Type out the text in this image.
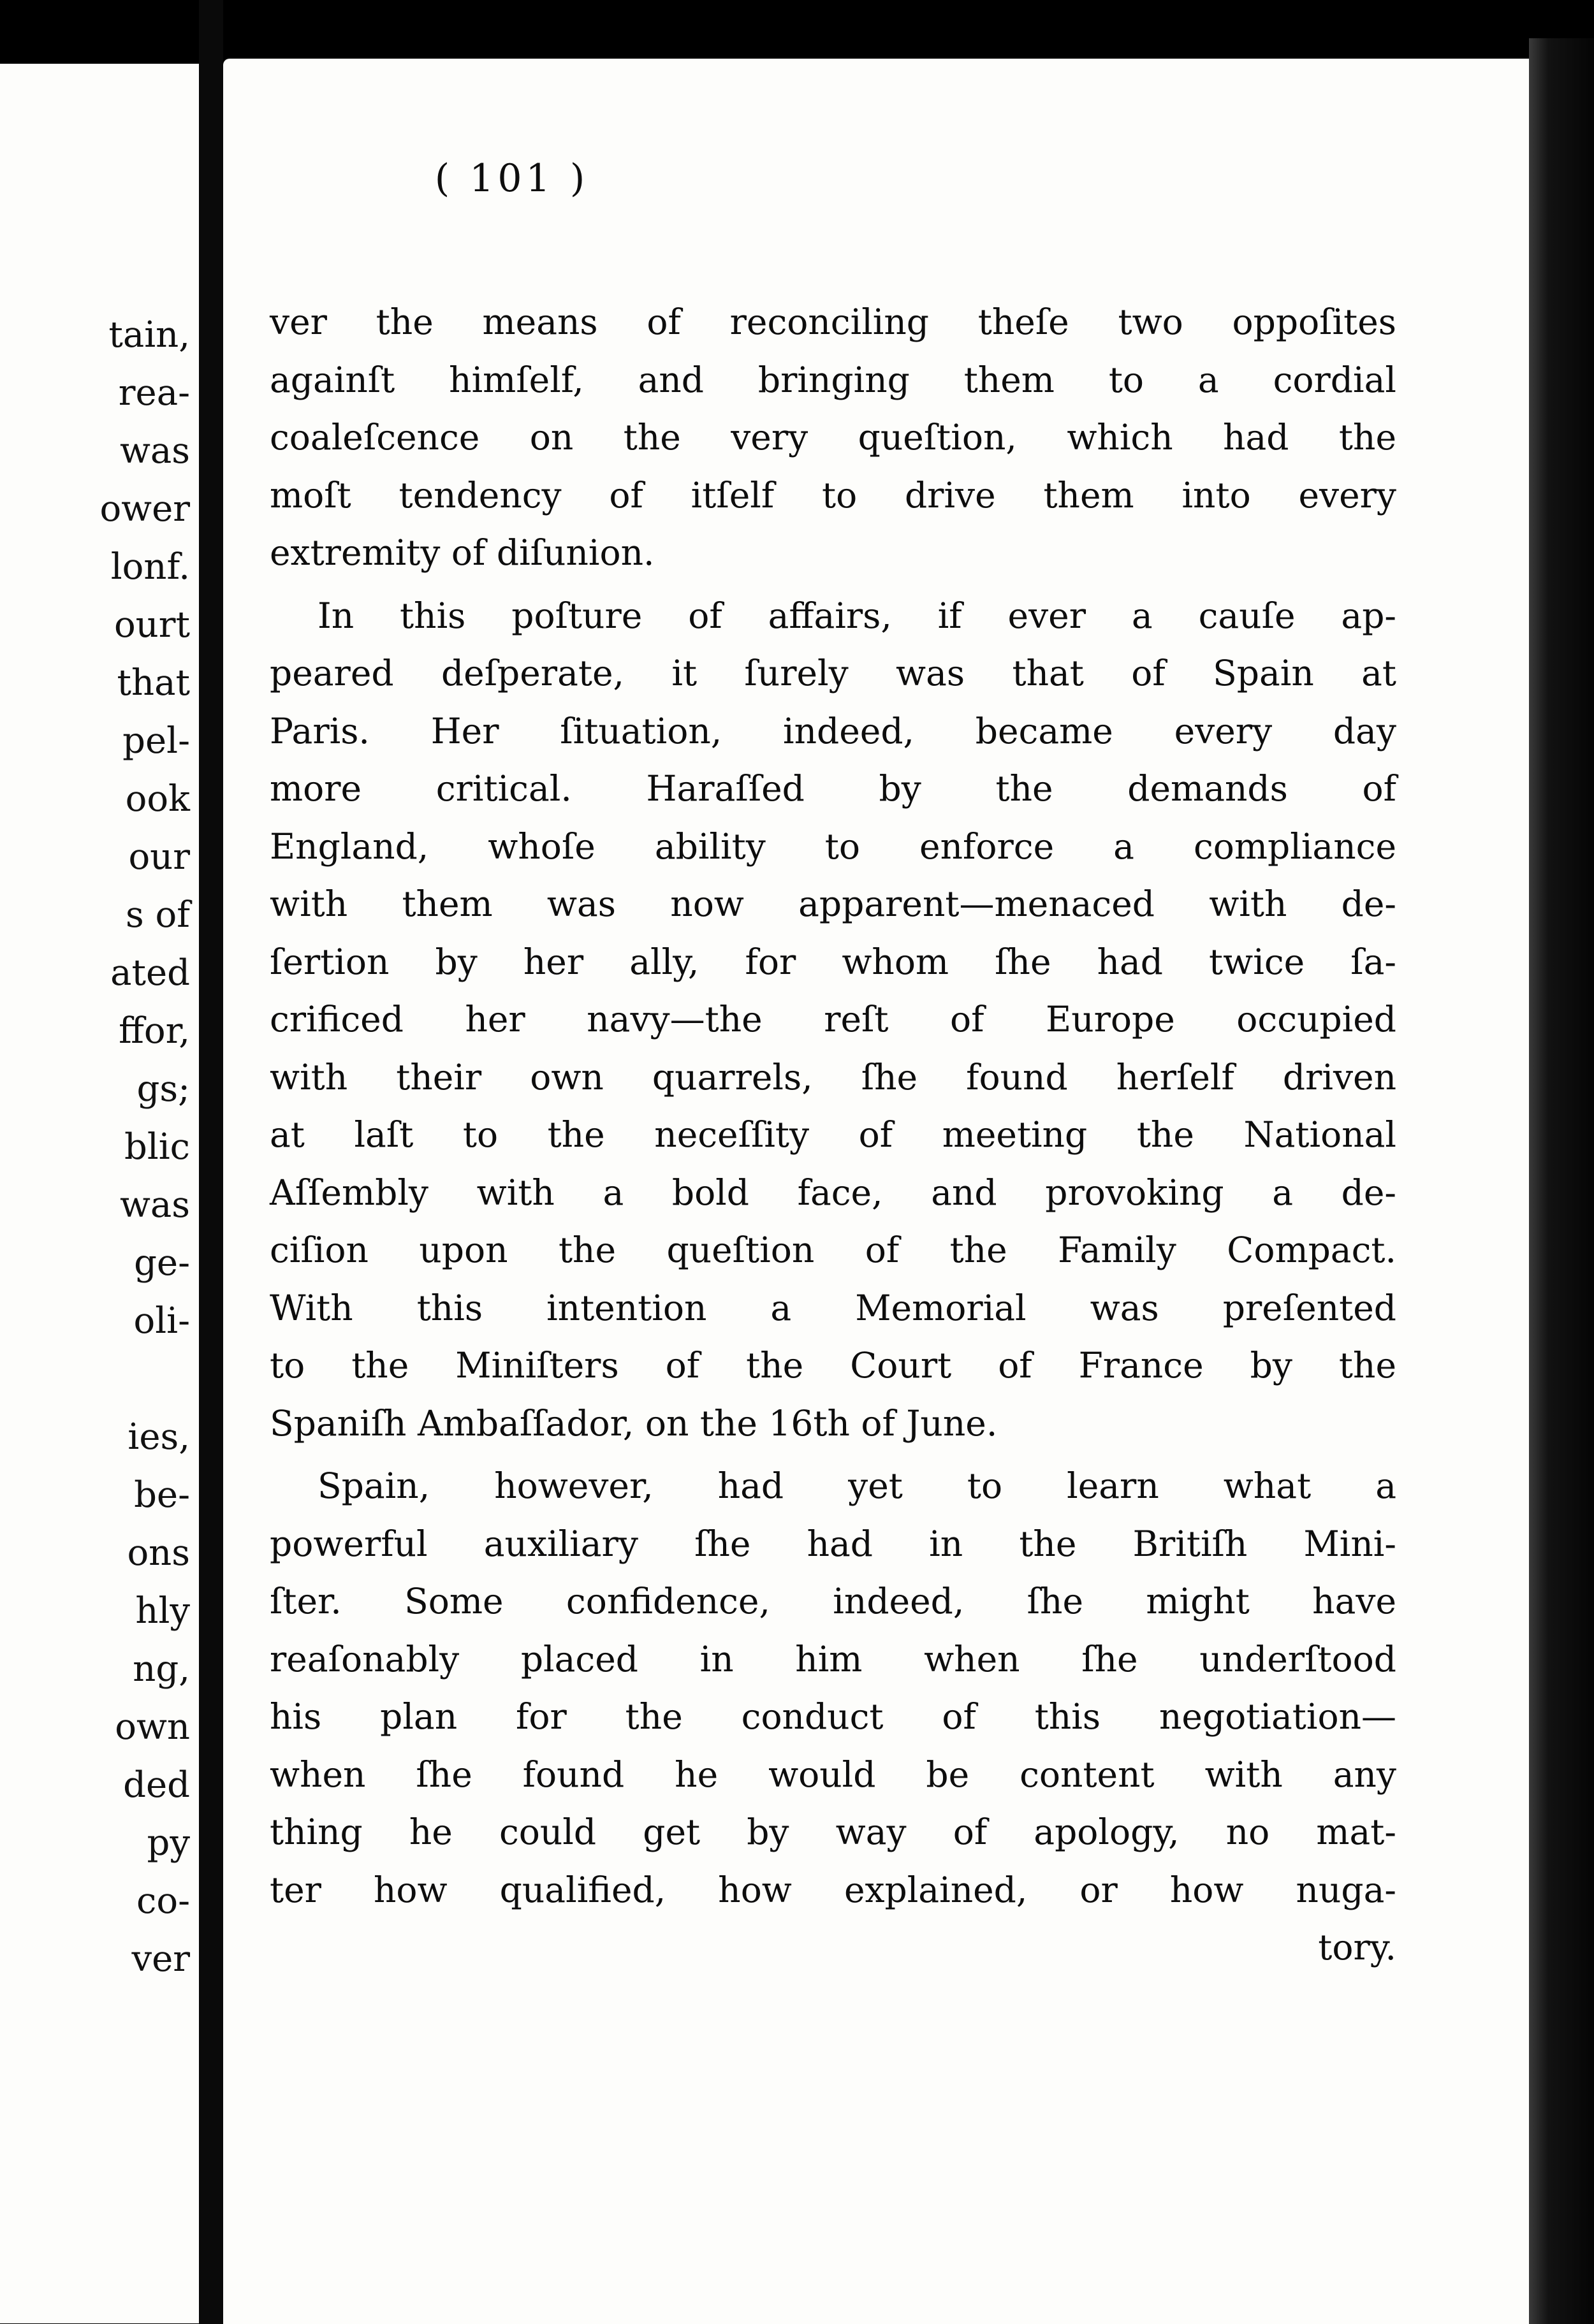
tain,
rea-
was
ower
lonf.
ourt
that
pel-
ook
our
s of
ated
ffor,
gs;
blic
was
ge-
oli-
ies,
be-
ons
hly
ng,
own
ded
py
co-
ver
( 101 )
ver the means of reconciling theſe two oppoſites
againſt himſelf, and bringing them to a cordial
coaleſcence on the very queſtion, which had the
moſt tendency of itſelf to drive them into every
extremity of diſunion.
In this poſture of affairs, if ever a cauſe ap-
peared deſperate, it ſurely was that of Spain at
Paris. Her ſituation, indeed, became every day
more critical. Haraſſed by the demands of
England, whoſe ability to enforce a compliance
with them was now apparent—menaced with de-
ſertion by her ally, for whom ſhe had twice ſa-
crificed her navy—the reſt of Europe occupied
with their own quarrels, ſhe found herſelf driven
at laſt to the neceſſity of meeting the National
Aſſembly with a bold face, and provoking a de-
ciſion upon the queſtion of the Family Compact.
With this intention a Memorial was preſented
to the Miniſters of the Court of France by the
Spaniſh Ambaſſador, on the 16th of June.
Spain, however, had yet to learn what a
powerful auxiliary ſhe had in the Britiſh Mini-
ſter. Some confidence, indeed, ſhe might have
reaſonably placed in him when ſhe underſtood
his plan for the conduct of this negotiation—
when ſhe found he would be content with any
thing he could get by way of apology, no mat-
ter how qualified, how explained, or how nuga-
tory.
